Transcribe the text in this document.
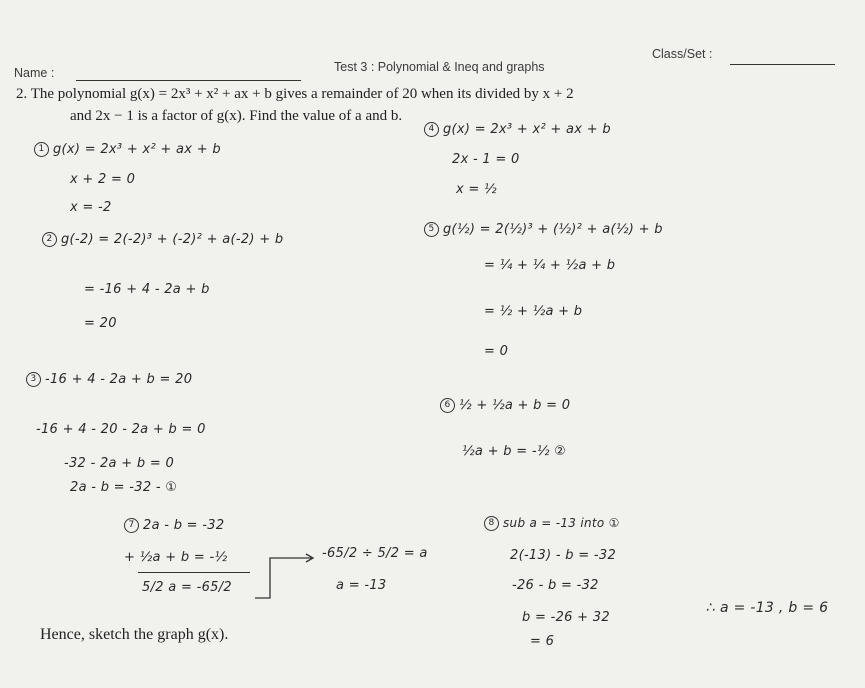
Name :	Test 3 : Polynomial & Ineq and graphs
Class/Set :
2. The polynomial g(x) = 2x³ + x² + ax + b gives a remainder of 20 when its divided by x + 2
and 2x − 1 is a factor of g(x). Find the value of a and b.
1 g(x) = 2x³ + x² + ax + b
x + 2 = 0
x = -2
2 g(-2) = 2(-2)³ + (-2)² + a(-2) + b
= -16 + 4 - 2a + b
= 20
3 -16 + 4 - 2a + b = 20
-16 + 4 - 20 - 2a + b = 0
-32 - 2a + b = 0
2a - b = -32 - ①
7 2a - b = -32
+ ½a + b = -½
5/2 a = -65/2
-65/2 ÷ 5/2 = a
a = -13
4 g(x) = 2x³ + x² + ax + b
2x - 1 = 0
x = ½
5 g(½) = 2(½)³ + (½)² + a(½) + b
= ¼ + ¼ + ½a + b
= ½ + ½a + b
= 0
6 ½ + ½a + b = 0
½a + b = -½ ②
8 sub a = -13 into ①
2(-13) - b = -32
-26 - b = -32
b = -26 + 32
= 6
∴ a = -13 , b = 6
Hence, sketch the graph g(x).
